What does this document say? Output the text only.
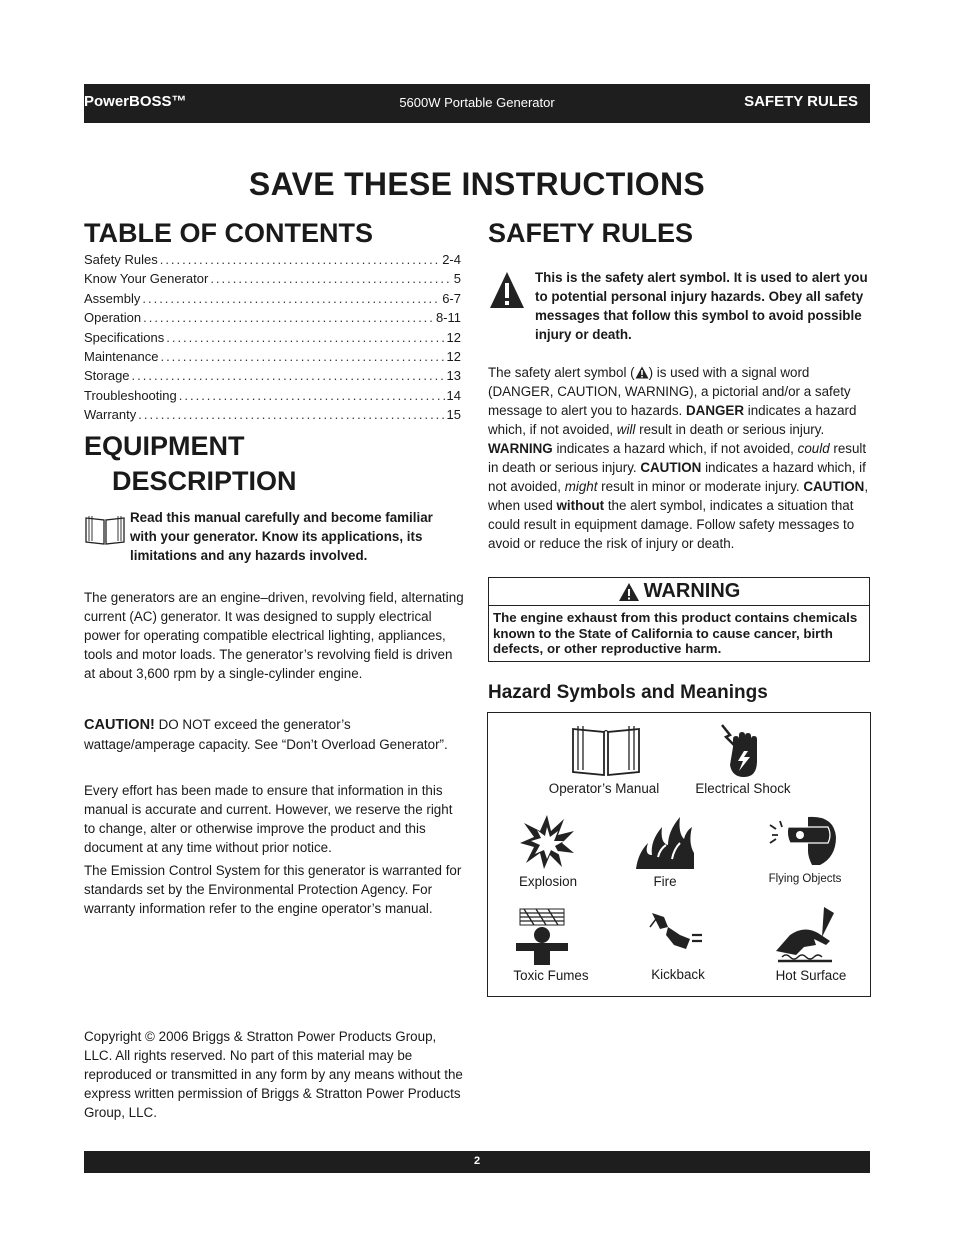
PowerBOSS™	5600W Portable Generator	SAFETY RULES
SAVE THESE INSTRUCTIONS
TABLE OF CONTENTS
Safety Rules .....	2-4
Know Your Generator .....	5
Assembly .....	6-7
Operation .....	8-11
Specifications .....	12
Maintenance .....	12
Storage .....	13
Troubleshooting .....	14
Warranty .....	15
EQUIPMENT
DESCRIPTION
Read this manual carefully and become familiar with your generator. Know its applications, its limitations and any hazards involved.
The generators are an engine–driven, revolving field, alternating current (AC) generator. It was designed to supply electrical power for operating compatible electrical lighting, appliances, tools and motor loads. The generator’s revolving field is driven at about 3,600 rpm by a single-cylinder engine.
CAUTION! DO NOT exceed the generator’s wattage/amperage capacity. See “Don’t Overload Generator”.
Every effort has been made to ensure that information in this manual is accurate and current. However, we reserve the right to change, alter or otherwise improve the product and this document at any time without prior notice.
The Emission Control System for this generator is warranted for standards set by the Environmental Protection Agency. For warranty information refer to the engine operator’s manual.
Copyright © 2006 Briggs & Stratton Power Products Group, LLC. All rights reserved. No part of this material may be reproduced or transmitted in any form by any means without the express written permission of Briggs & Stratton Power Products Group, LLC.
SAFETY RULES
This is the safety alert symbol. It is used to alert you to potential personal injury hazards. Obey all safety messages that follow this symbol to avoid possible injury or death.
The safety alert symbol ( ) is used with a signal word (DANGER, CAUTION, WARNING), a pictorial and/or a safety message to alert you to hazards. DANGER indicates a hazard which, if not avoided, will result in death or serious injury. WARNING indicates a hazard which, if not avoided, could result in death or serious injury. CAUTION indicates a hazard which, if not avoided, might result in minor or moderate injury. CAUTION, when used without the alert symbol, indicates a situation that could result in equipment damage. Follow safety messages to avoid or reduce the risk of injury or death.
WARNING
The engine exhaust from this product contains chemicals known to the State of California to cause cancer, birth defects, or other reproductive harm.
Hazard Symbols and Meanings
Operator’s Manual	Electrical Shock
Explosion	Fire	Flying Objects
Toxic Fumes	Kickback	Hot Surface
2
